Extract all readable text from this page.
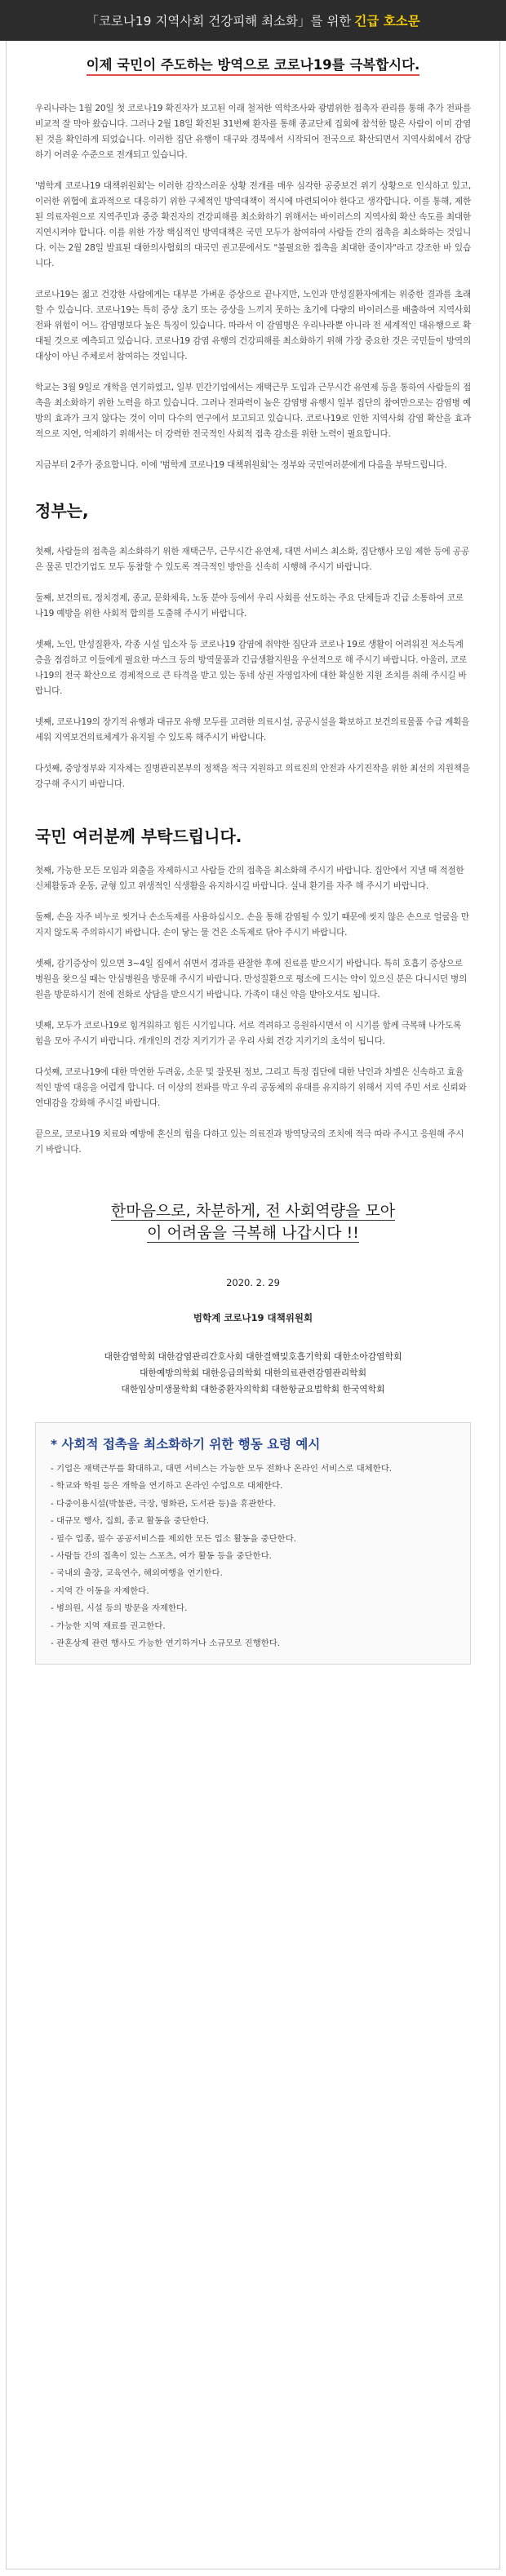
「코로나19 지역사회 건강피해 최소화」를 위한 긴급 호소문
이제 국민이 주도하는 방역으로 코로나19를 극복합시다.

우리나라는 1월 20일 첫 코로나19 확진자가 보고된 이래 철저한 역학조사와 광범위한 접촉자 관리를 통해 추가 전파를 비교적 잘 막아 왔습니다. 그러나 2월 18일 확진된 31번째 환자를 통해 종교단체 집회에 참석한 많은 사람이 이미 감염된 것을 확인하게 되었습니다. 이러한 집단 유행이 대구와 경북에서 시작되어 전국으로 확산되면서 지역사회에서 감당하기 어려운 수준으로 전개되고 있습니다.

'범학계 코로나19 대책위원회'는 이러한 감작스러운 상황 전개를 매우 심각한 공중보건 위기 상황으로 인식하고 있고, 이러한 위협에 효과적으로 대응하기 위한 구체적인 방역대책이 적시에 마련되어야 한다고 생각합니다. 이를 통해, 제한된 의료자원으로 지역주민과 중증 확진자의 건강피해를 최소화하기 위해서는 바이러스의 지역사회 확산 속도를 최대한 지연시켜야 합니다. 이를 위한 가장 핵심적인 방역대책은 국민 모두가 참여하여 사람들 간의 접촉을 최소화하는 것입니다. 이는 2월 28일 발표된 대한의사협회의 대국민 권고문에서도 "불필요한 접촉을 최대한 줄이자"라고 강조한 바 있습니다.

코로나19는 젊고 건강한 사람에게는 대부분 가벼운 증상으로 끝나지만, 노인과 만성질환자에게는 위중한 결과를 초래할 수 있습니다. 코로나19는 특히 증상 초기 또는 증상을 느끼지 못하는 초기에 다량의 바이러스를 배출하여 지역사회 전파 위험이 어느 감염병보다 높은 특징이 있습니다. 따라서 이 감염병은 우리나라뿐 아니라 전 세계적인 대유행으로 확대될 것으로 예측되고 있습니다. 코로나19 감염 유행의 건강피해를 최소화하기 위해 가장 중요한 것은 국민들이 방역의 대상이 아닌 주체로서 참여하는 것입니다.

학교는 3월 9일로 개학을 연기하였고, 일부 민간기업에서는 재택근무 도입과 근무시간 유연제 등을 통하여 사람들의 접촉을 최소화하기 위한 노력을 하고 있습니다. 그러나 전파력이 높은 감염병 유행시 일부 집단의 참여만으로는 감염병 예방의 효과가 크지 않다는 것이 이미 다수의 연구에서 보고되고 있습니다. 코로나19로 인한 지역사회 감염 확산을 효과적으로 지연, 억제하기 위해서는 더 강력한 전국적인 사회적 접촉 감소를 위한 노력이 필요합니다.

지금부터 2주가 중요합니다. 이에 '범학계 코로나19 대책위원회'는 정부와 국민여러분에게 다음을 부탁드립니다.

정부는,

첫째, 사람들의 접촉을 최소화하기 위한 재택근무, 근무시간 유연제, 대면 서비스 최소화, 집단행사 모임 제한 등에 공공은 물론 민간기업도 모두 동참할 수 있도록 적극적인 방안을 신속히 시행해 주시기 바랍니다.

둘째, 보건의료, 정치경제, 종교, 문화체육, 노동 분야 등에서 우리 사회를 선도하는 주요 단체들과 긴급 소통하여 코로나19 예방을 위한 사회적 합의를 도출해 주시기 바랍니다.

셋째, 노인, 만성질환자, 각종 시설 입소자 등 코로나19 감염에 취약한 집단과 코로나 19로 생활이 어려워진 저소득계층을 점검하고 이들에게 필요한 마스크 등의 방역물품과 긴급생활지원을 우선적으로 해 주시기 바랍니다. 아울러, 코로나19의 전국 확산으로 경제적으로 큰 타격을 받고 있는 동네 상권 자영업자에 대한 확실한 지원 조치를 취해 주시길 바랍니다.

넷째, 코로나19의 장기적 유행과 대규모 유행 모두를 고려한 의료시설, 공공시설을 확보하고 보건의료물품 수급 계획을 세워 지역보건의료체계가 유지될 수 있도록 해주시기 바랍니다.

다섯째, 중앙정부와 지자체는 질병관리본부의 정책을 적극 지원하고 의료진의 안전과 사기진작을 위한 최선의 지원책을 강구해 주시기 바랍니다.

국민 여러분께 부탁드립니다.

첫째, 가능한 모든 모임과 외출을 자제하시고 사람들 간의 접촉을 최소화해 주시기 바랍니다. 집안에서 지낼 때 적절한 신체활동과 운동, 균형 있고 위생적인 식생활을 유지하시길 바랍니다. 실내 환기를 자주 해 주시기 바랍니다.

둘째, 손을 자주 비누로 씻거나 손소독제를 사용하십시오. 손을 통해 감염될 수 있기 때문에 씻지 않은 손으로 얼굴을 만지지 않도록 주의하시기 바랍니다. 손이 닿는 물 건은 소독제로 닦아 주시기 바랍니다.

셋째, 감기증상이 있으면 3~4일 집에서 쉬면서 경과를 관찰한 후에 진료를 받으시기 바랍니다. 특히 호흡기 증상으로 병원을 찾으실 때는 안심병원을 방문해 주시기 바랍니다. 만성질환으로 평소에 드시는 약이 있으신 분은 다니시던 병의원을 방문하시기 전에 전화로 상담을 받으시기 바랍니다. 가족이 대신 약을 받아오셔도 됩니다.

넷째, 모두가 코로나19로 힘겨워하고 힘든 시기입니다. 서로 격려하고 응원하시면서 이 시기를 함께 극복해 나가도록 힘을 모아 주시기 바랍니다. 개개인의 건강 지키기가 곧 우리 사회 건강 지키기의 초석이 됩니다.

다섯째, 코로나19에 대한 막연한 두려움, 소문 및 잘못된 정보, 그리고 특정 집단에 대한 낙인과 차별은 신속하고 효율적인 방역 대응을 어렵게 합니다. 더 이상의 전파를 막고 우리 공동체의 유대를 유지하기 위해서 지역 주민 서로 신뢰와 연대감을 강화해 주시길 바랍니다.

끝으로, 코로나19 치료와 예방에 혼신의 힘을 다하고 있는 의료진과 방역당국의 조치에 적극 따라 주시고 응원해 주시기 바랍니다.

한마음으로, 차분하게, 전 사회역량을 모아

이 어려움을 극복해 나갑시다 !!

2020. 2. 29

범학계 코로나19 대책위원회

대한감염학회 대한감염관리간호사회 대한결핵및호흡기학회 대한소아감염학회

대한예방의학회 대한응급의학회 대한의료관련감염관리학회

대한임상미생물학회 대한중환자의학회 대한항균요법학회 한국역학회

* 사회적 접촉을 최소화하기 위한 행동 요령 예시
- 기업은 재택근무를 확대하고, 대면 서비스는 가능한 모두 전화나 온라인 서비스로 대체한다.
- 학교와 학원 등은 개학을 연기하고 온라인 수업으로 대체한다.
- 다중이용시설(박물관, 극장, 영화관, 도서관 등)을 휴관한다.
- 대규모 행사, 집회, 종교 활동을 중단한다.
- 필수 업종, 필수 공공서비스를 제외한 모든 업소 활동을 중단한다.
- 사람들 간의 접촉이 있는 스포츠, 여가 활동 등을 중단한다.
- 국내외 출장, 교육연수, 해외여행을 연기한다.
- 지역 간 이동을 자제한다.
- 병의원, 시설 등의 방문을 자제한다.
- 가능한 지역 재료를 권고한다.
- 관혼상제 관련 행사도 가능한 연기하거나 소규모로 진행한다.
